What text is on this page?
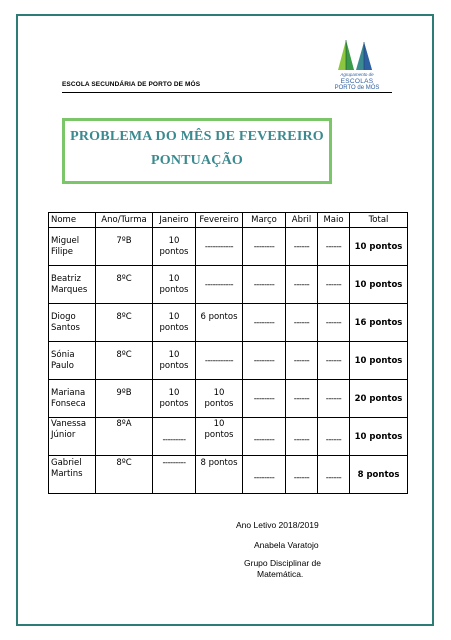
Agrupamento de
ESCOLAS
PORTO de MÓS
ESCOLA SECUNDÁRIA DE PORTO DE MÓS
PROBLEMA DO MÊS DE FEVEREIRO
PONTUAÇÃO
Nome	Ano/Turma	Janeiro	Fevereiro	Março	Abril	Maio	Total

Miguel Filipe	7ºB	10 pontos	-----------	--------	------	------	10 pontos

Beatriz Marques	8ºC	10 pontos	-----------	--------	------	------	10 pontos

Diogo Santos	8ºC	10 pontos	6 pontos	--------	------	------	16 pontos

Sónia Paulo	8ºC	10 pontos	-----------	--------	------	------	10 pontos

Mariana Fonseca	9ºB	10 pontos	10 pontos	--------	------	------	20 pontos

Vanessa Júnior	8ºA	---------	10 pontos	--------	------	------	10 pontos

Gabriel Martins	8ºC	---------	8 pontos	--------	------	------	8 pontos
Ano Letivo 2018/2019
Anabela Varatojo
Grupo Disciplinar de
Matemática.
